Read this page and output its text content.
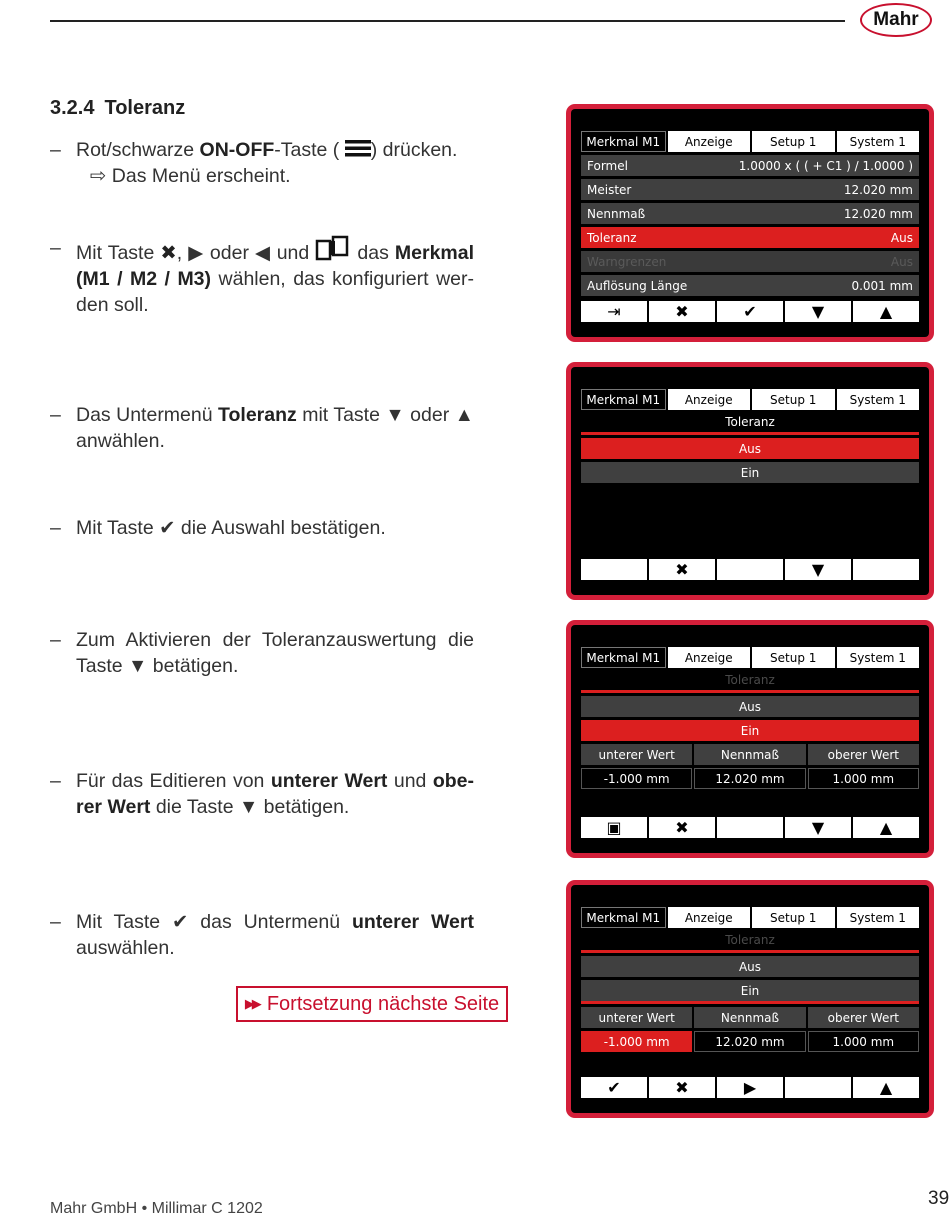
Mahr
3.2.4 Toleranz
– Rot/schwarze ON-OFF-Taste ( ) drücken.
⇨ Das Menü erscheint.
– Mit Taste ✖, ▶ oder ◀ und das Merkmal (M1 / M2 / M3) wählen, das konfiguriert wer-den soll.
– Das Untermenü Toleranz mit Taste ▼ oder ▲ anwählen.
– Mit Taste ✔ die Auswahl bestätigen.
– Zum Aktivieren der Toleranzauswertung die Taste ▼ betätigen.
– Für das Editieren von unterer Wert und obe-rer Wert die Taste ▼ betätigen.
– Mit Taste ✔ das Untermenü unterer Wert auswählen.
▶▶ Fortsetzung nächste Seite
Merkmal M1	Anzeige	Setup 1	System 1
Formel	1.0000 x ( ( + C1 ) / 1.0000 )
Meister	12.020 mm
Nennmaß	12.020 mm
Toleranz	Aus
Warngrenzen	Aus
Auflösung Länge	0.001 mm
⇥	✖	✔	▼	▲
Merkmal M1	Anzeige	Setup 1	System 1
Toleranz
Aus
Ein
✖	▼
Merkmal M1	Anzeige	Setup 1	System 1
Toleranz
Aus
Ein
unterer Wert	Nennmaß	oberer Wert
-1.000 mm	12.020 mm	1.000 mm
▣	✖	▼	▲
Merkmal M1	Anzeige	Setup 1	System 1
Toleranz
Aus
Ein
unterer Wert	Nennmaß	oberer Wert
-1.000 mm	12.020 mm	1.000 mm
✔	✖	▶	▲
Mahr GmbH • Millimar C 1202	39
